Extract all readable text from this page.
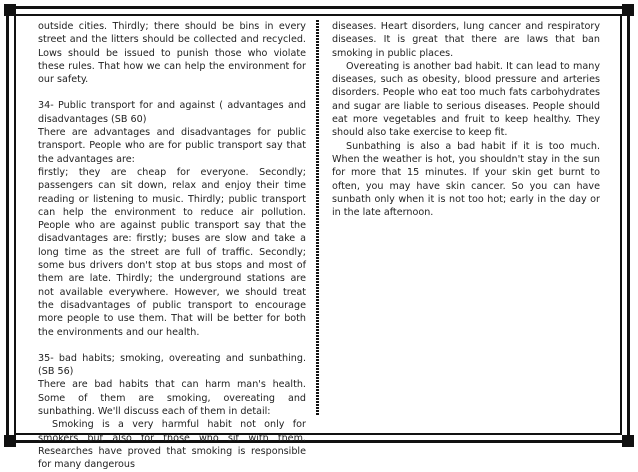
outside cities. Thirdly; there should be bins in every street and the litters should be collected and recycled. Lows should be issued to punish those who violate these rules. That how we can help the environment for our safety.

34- Public transport for and against ( advantages and disadvantages (SB 60)

There are advantages and disadvantages for public transport. People who are for public transport say that the advantages are:

firstly; they are cheap for everyone. Secondly; passengers can sit down, relax and enjoy their time reading or listening to music. Thirdly; public transport can help the environment to reduce air pollution. People who are against public transport say that the disadvantages are: firstly; buses are slow and take a long time as the street are full of traffic. Secondly; some bus drivers don't stop at bus stops and most of them are late. Thirdly; the underground stations are not available everywhere. However, we should treat the disadvantages of public transport to encourage more people to use them. That will be better for both the environments and our health.

35- bad habits; smoking, overeating and sunbathing. (SB 56)

There are bad habits that can harm man's health. Some of them are smoking, overeating and sunbathing. We'll discuss each of them in detail:

Smoking is a very harmful habit not only for smokers but also for those who sit with them. Researches have proved that smoking is responsible for many dangerous

diseases. Heart disorders, lung cancer and respiratory diseases. It is great that there are laws that ban smoking in public places.

Overeating is another bad habit. It can lead to many diseases, such as obesity, blood pressure and arteries disorders. People who eat too much fats carbohydrates and sugar are liable to serious diseases. People should eat more vegetables and fruit to keep healthy. They should also take exercise to keep fit.

Sunbathing is also a bad habit if it is too much. When the weather is hot, you shouldn't stay in the sun for more that 15 minutes. If your skin get burnt to often, you may have skin cancer. So you can have sunbath only when it is not too hot; early in the day or in the late afternoon.
